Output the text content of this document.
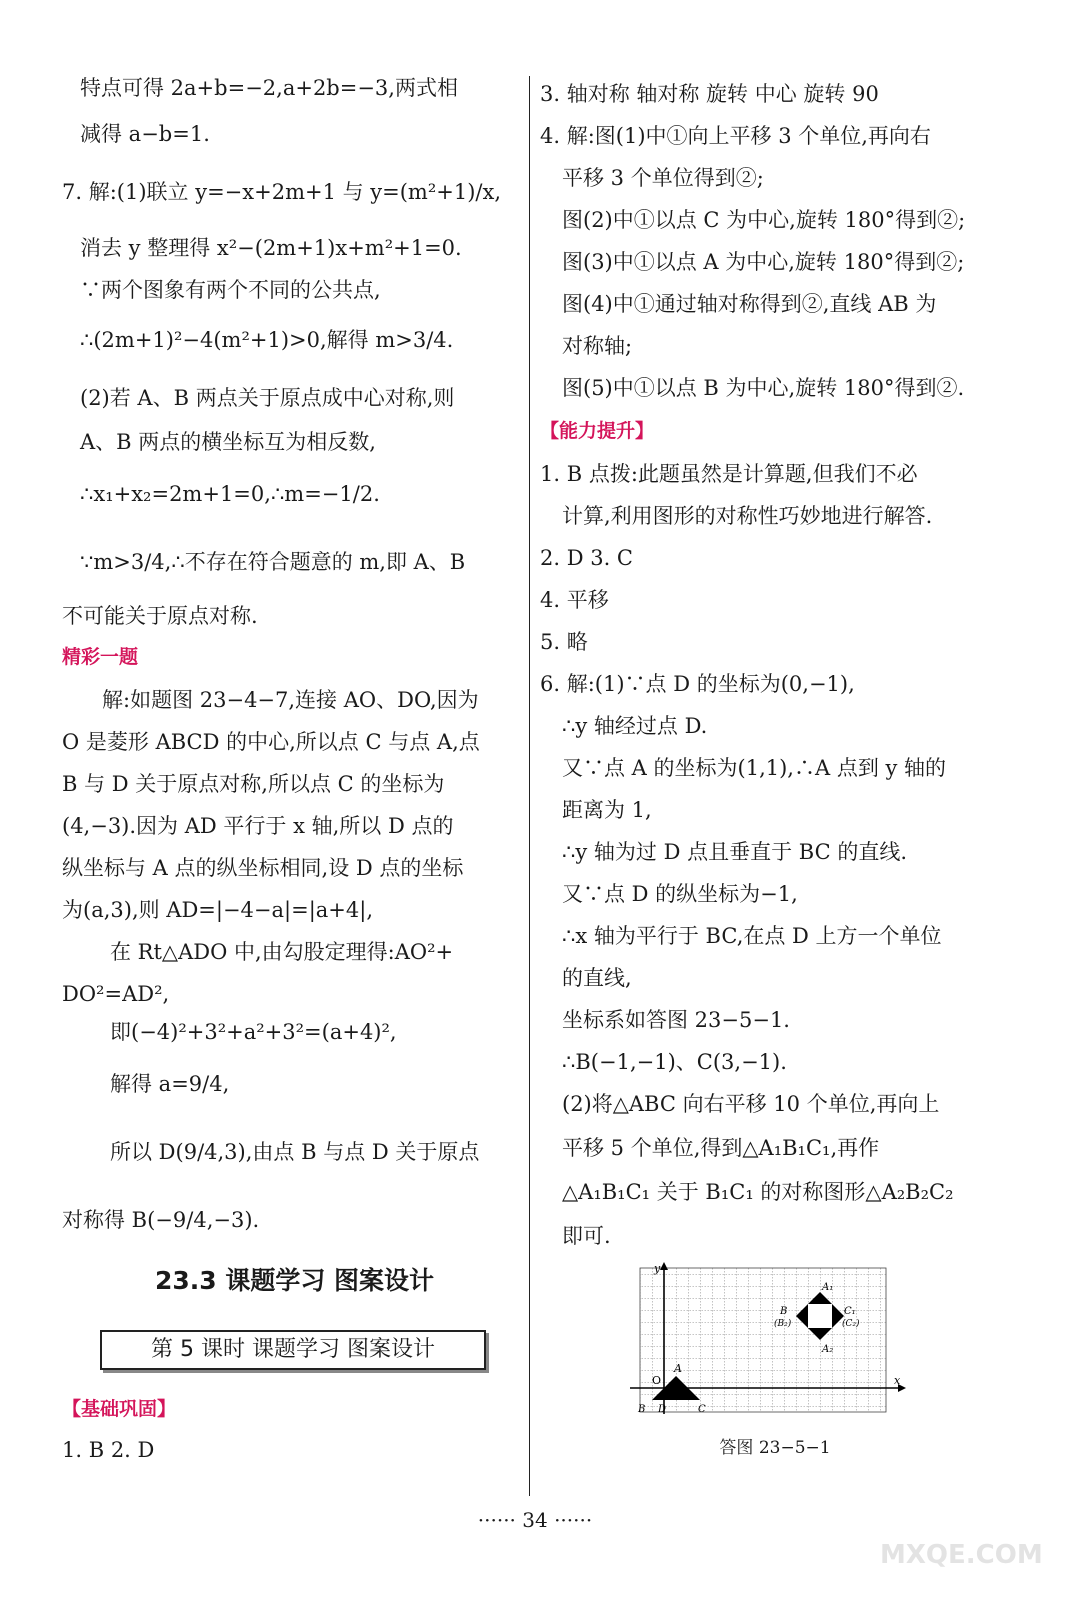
特点可得 2a+b=−2,a+2b=−3,两式相
减得 a−b=1.
7. 解:(1)联立 y=−x+2m+1 与 y=(m²+1)/x,
消去 y 整理得 x²−(2m+1)x+m²+1=0.
∵两个图象有两个不同的公共点,
∴(2m+1)²−4(m²+1)>0,解得 m>3/4.
(2)若 A、B 两点关于原点成中心对称,则
A、B 两点的横坐标互为相反数,
∴x₁+x₂=2m+1=0,∴m=−1/2.
∵m>3/4,∴不存在符合题意的 m,即 A、B
不可能关于原点对称.
精彩一题
解:如题图 23−4−7,连接 AO、DO,因为
O 是菱形 ABCD 的中心,所以点 C 与点 A,点
B 与 D 关于原点对称,所以点 C 的坐标为
(4,−3).因为 AD 平行于 x 轴,所以 D 点的
纵坐标与 A 点的纵坐标相同,设 D 点的坐标
为(a,3),则 AD=|−4−a|=|a+4|,
在 Rt△ADO 中,由勾股定理得:AO²+
DO²=AD²,
即(−4)²+3²+a²+3²=(a+4)²,
解得 a=9/4,
所以 D(9/4,3),由点 B 与点 D 关于原点
对称得 B(−9/4,−3).
23.3 课题学习 图案设计
第 5 课时 课题学习 图案设计
【基础巩固】
1. B 2. D
3. 轴对称 轴对称 旋转 中心 旋转 90
4. 解:图(1)中①向上平移 3 个单位,再向右
平移 3 个单位得到②;
图(2)中①以点 C 为中心,旋转 180°得到②;
图(3)中①以点 A 为中心,旋转 180°得到②;
图(4)中①通过轴对称得到②,直线 AB 为
对称轴;
图(5)中①以点 B 为中心,旋转 180°得到②.
【能力提升】
1. B 点拨:此题虽然是计算题,但我们不必
计算,利用图形的对称性巧妙地进行解答.
2. D 3. C
4. 平移
5. 略
6. 解:(1)∵点 D 的坐标为(0,−1),
∴y 轴经过点 D.
又∵点 A 的坐标为(1,1),∴A 点到 y 轴的
距离为 1,
∴y 轴为过 D 点且垂直于 BC 的直线.
又∵点 D 的纵坐标为−1,
∴x 轴为平行于 BC,在点 D 上方一个单位
的直线,
坐标系如答图 23−5−1.
∴B(−1,−1)、C(3,−1).
(2)将△ABC 向右平移 10 个单位,再向上
平移 5 个单位,得到△A₁B₁C₁,再作
△A₁B₁C₁ 关于 B₁C₁ 的对称图形△A₂B₂C₂
即可.
y
x
O
A
B D	C
A₁
A₂
B
(B₂)
C₁
(C₂)
答图 23−5−1
······ 34 ······
MXQE.COM
